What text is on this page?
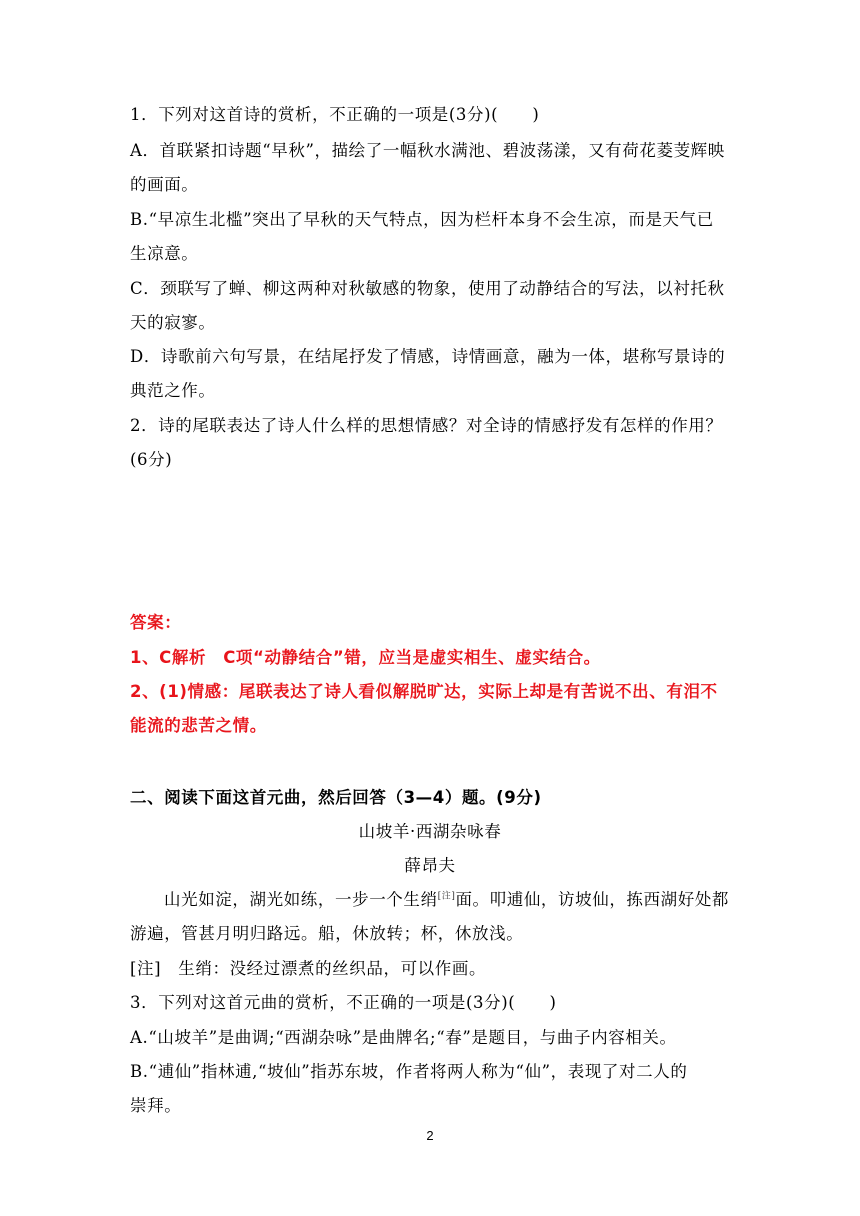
1．下列对这首诗的赏析，不正确的一项是(3分)(　　)
A．首联紧扣诗题“早秋”，描绘了一幅秋水满池、碧波荡漾，又有荷花菱芰辉映
的画面。
B.“早凉生北槛”突出了早秋的天气特点，因为栏杆本身不会生凉，而是天气已
生凉意。
C．颈联写了蝉、柳这两种对秋敏感的物象，使用了动静结合的写法，以衬托秋
天的寂寥。
D．诗歌前六句写景，在结尾抒发了情感，诗情画意，融为一体，堪称写景诗的
典范之作。
2．诗的尾联表达了诗人什么样的思想情感？对全诗的情感抒发有怎样的作用？
(6分)
答案：
1、C解析　C项“动静结合”错，应当是虚实相生、虚实结合。
2、(1)情感：尾联表达了诗人看似解脱旷达，实际上却是有苦说不出、有泪不
能流的悲苦之情。
二、阅读下面这首元曲，然后回答（3—4）题。(9分)
山坡羊·西湖杂咏春
薛昂夫
山光如淀，湖光如练，一步一个生绡[注]面。叩逋仙，访坡仙，拣西湖好处都
游遍，管甚月明归路远。船，休放转；杯，休放浅。
[注]　生绡：没经过漂煮的丝织品，可以作画。
3．下列对这首元曲的赏析，不正确的一项是(3分)(　　)
A.“山坡羊”是曲调;“西湖杂咏”是曲牌名;“春”是题目，与曲子内容相关。
B.“逋仙”指林逋,“坡仙”指苏东坡，作者将两人称为“仙”，表现了对二人的
崇拜。
2
